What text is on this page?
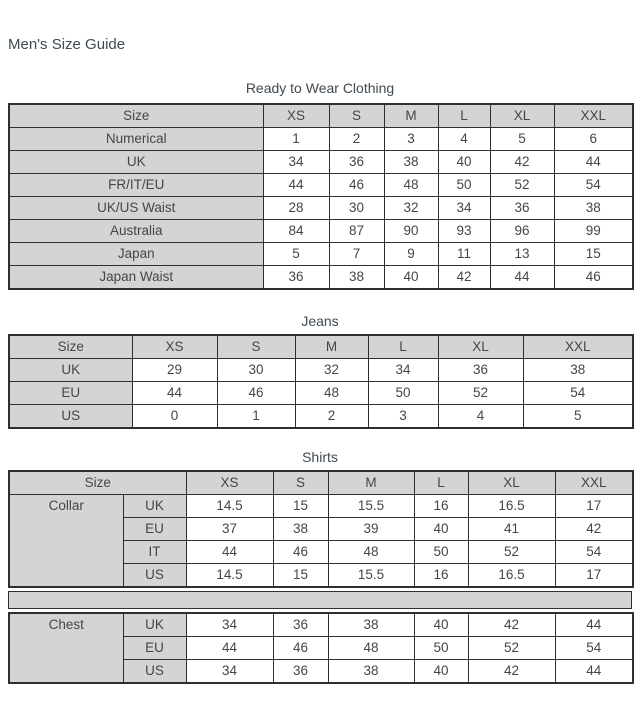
Men's Size Guide
Ready to Wear Clothing
Size	XS	S	M	L	XL	XXL
Numerical	1	2	3	4	5	6
UK	34	36	38	40	42	44
FR/IT/EU	44	46	48	50	52	54
UK/US Waist	28	30	32	34	36	38
Australia	84	87	90	93	96	99
Japan	5	7	9	11	13	15
Japan Waist	36	38	40	42	44	46
Jeans
Size	XS	S	M	L	XL	XXL
UK	29	30	32	34	36	38
EU	44	46	48	50	52	54
US	0	1	2	3	4	5
Shirts
Size		XS	S	M	L	XL	XXL
Collar	UK	14.5	15	15.5	16	16.5	17
	EU	37	38	39	40	41	42
	IT	44	46	48	50	52	54
	US	14.5	15	15.5	16	16.5	17
Chest	UK	34	36	38	40	42	44
	EU	44	46	48	50	52	54
	US	34	36	38	40	42	44
